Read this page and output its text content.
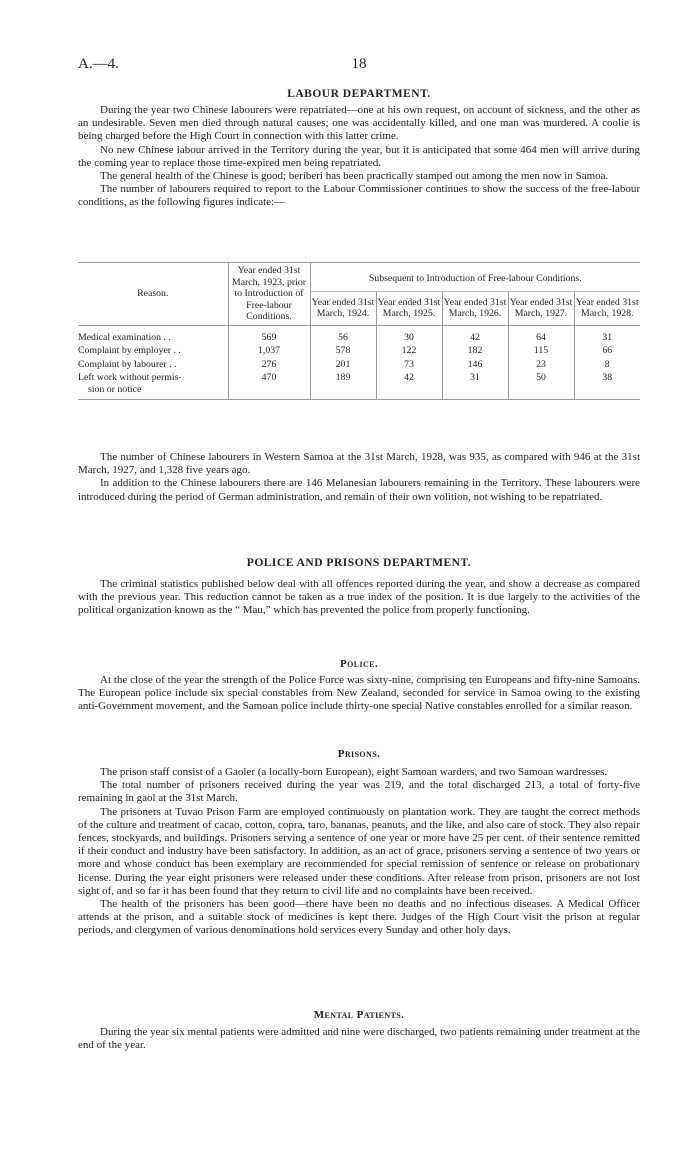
A.—4.	18
LABOUR DEPARTMENT.

During the year two Chinese labourers were repatriated—one at his own request, on account of sickness, and the other as an undesirable. Seven men died through natural causes; one was accidentally killed, and one man was murdered. A coolie is being charged before the High Court in connection with this latter crime.

No new Chinese labour arrived in the Territory during the year, but it is anticipated that some 464 men will arrive during the coming year to replace those time-expired men being repatriated.

The general health of the Chinese is good; beriberi has been practically stamped out among the men now in Samoa.

The number of labourers required to report to the Labour Commissioner continues to show the success of the free-labour conditions, as the following figures indicate:—

Reason.	Year ended 31st March, 1923, prior to Introduction of Free-labour Conditions.	Subsequent to Introduction of Free-labour Conditions.				
		Year ended 31st March, 1924.	Year ended 31st March, 1925.	Year ended 31st March, 1926.	Year ended 31st March, 1927.	Year ended 31st March, 1928.
Medical examination . .	569	56	30	42	64	31
Complaint by employer . .	1,037	578	122	182	115	66
Complaint by labourer . .	276	201	73	146	23	8
Left work without permis-
sion or notice	470	189	42	31	50	38

The number of Chinese labourers in Western Samoa at the 31st March, 1928, was 935, as compared with 946 at the 31st March, 1927, and 1,328 five years ago.

In addition to the Chinese labourers there are 146 Melanesian labourers remaining in the Territory. These labourers were introduced during the period of German administration, and remain of their own volition, not wishing to be repatriated.

POLICE AND PRISONS DEPARTMENT.

The criminal statistics published below deal with all offences reported during the year, and show a decrease as compared with the previous year. This reduction cannot be taken as a true index of the position. It is due largely to the activities of the political organization known as the “ Mau,” which has prevented the police from properly functioning.

Police.

At the close of the year the strength of the Police Force was sixty-nine, comprising ten Europeans and fifty-nine Samoans. The European police include six special constables from New Zealand, seconded for service in Samoa owing to the existing anti-Government movement, and the Samoan police include thirty-one special Native constables enrolled for a similar reason.

Prisons.

The prison staff consist of a Gaoler (a locally-born European), eight Samoan warders, and two Samoan wardresses.

The total number of prisoners received during the year was 219, and the total discharged 213, a total of forty-five remaining in gaol at the 31st March.

The prisoners at Tuvao Prison Farm are employed continuously on plantation work. They are taught the correct methods of the culture and treatment of cacao, cotton, copra, taro, bananas, peanuts, and the like, and also care of stock. They also repair fences, stockyards, and buildings. Prisoners serving a sentence of one year or more have 25 per cent. of their sentence remitted if their conduct and industry have been satisfactory. In addition, as an act of grace, prisoners serving a sentence of two years or more and whose conduct has been exemplary are recommended for special remission of sentence or release on probationary license. During the year eight prisoners were released under these conditions. After release from prison, prisoners are not lost sight of, and so far it has been found that they return to civil life and no complaints have been received.

The health of the prisoners has been good—there have been no deaths and no infectious diseases. A Medical Officer attends at the prison, and a suitable stock of medicines is kept there. Judges of the High Court visit the prison at regular periods, and clergymen of various denominations hold services every Sunday and other holy days.

Mental Patients.

During the year six mental patients were admitted and nine were discharged, two patients remaining under treatment at the end of the year.
